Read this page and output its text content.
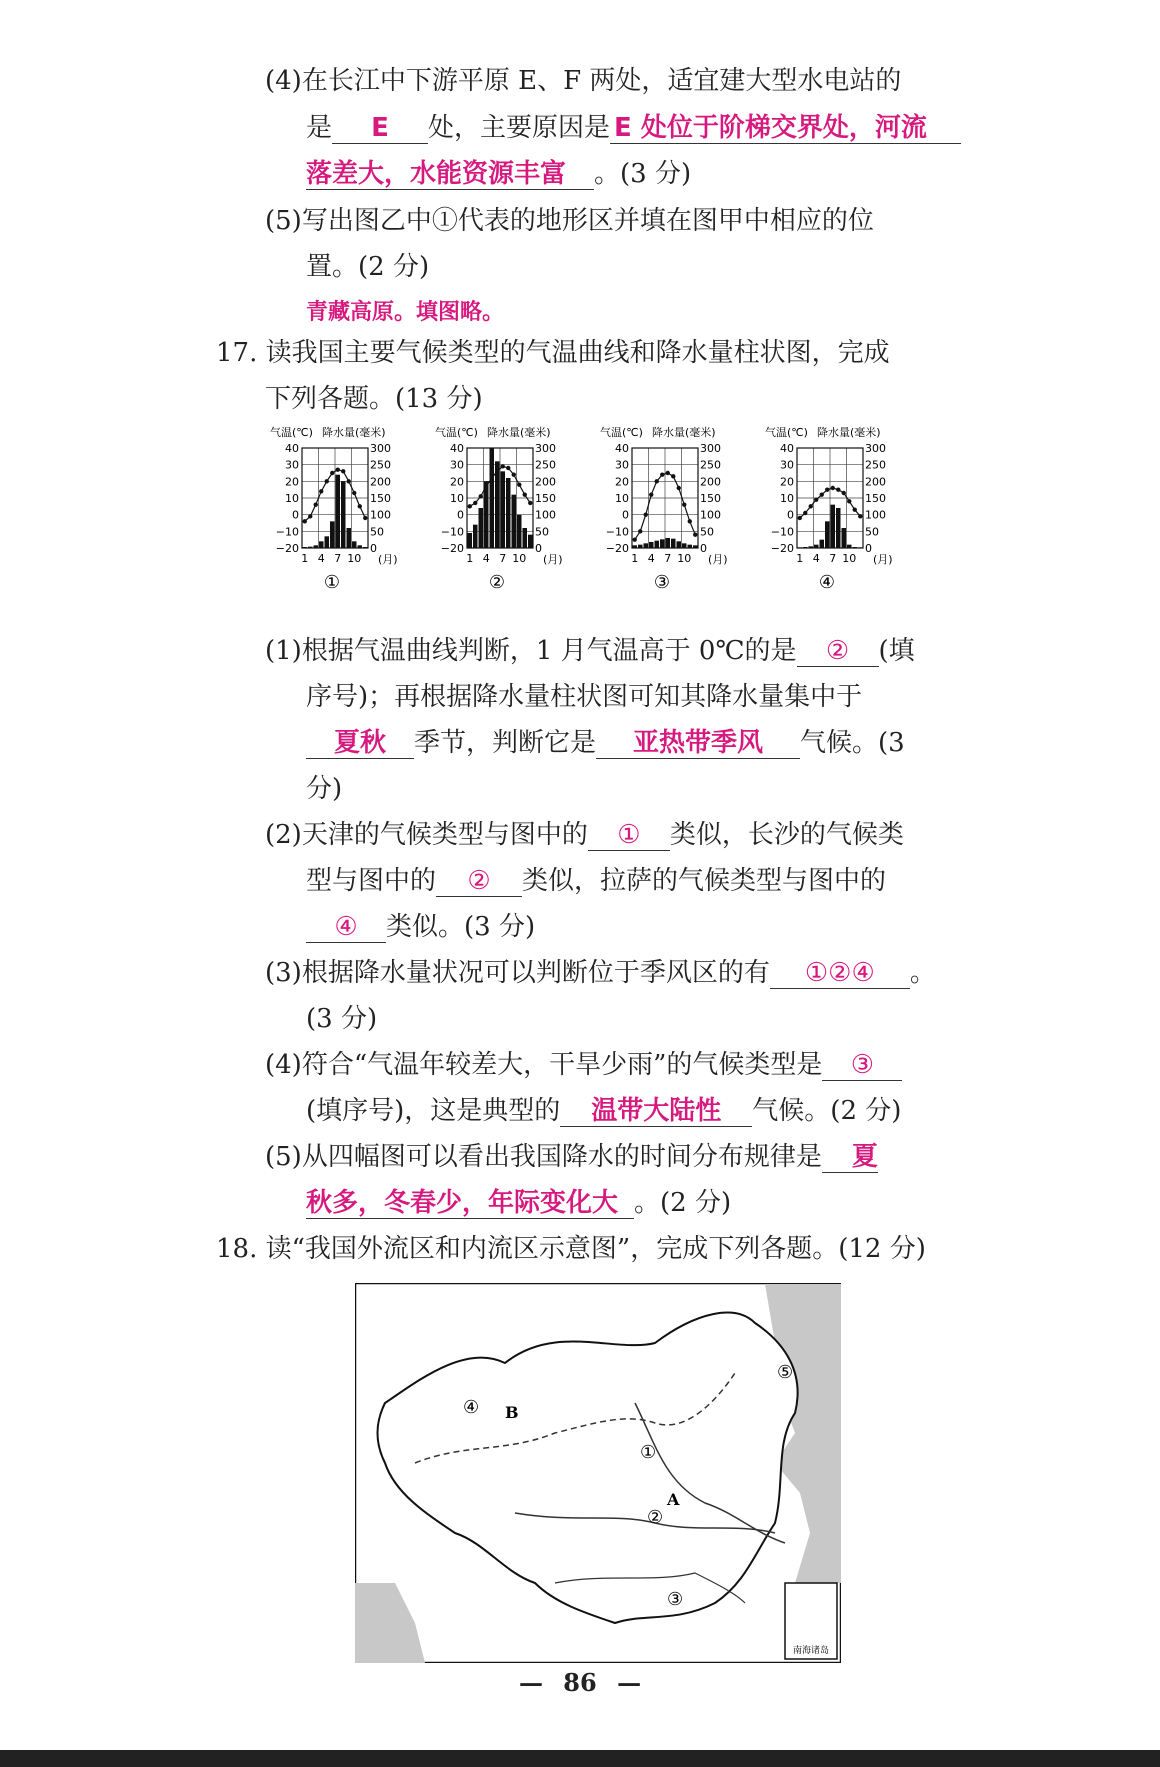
(4)在长江中下游平原 E、F 两处，适宜建大型水电站的
是 E 处，主要原因是 E 处位于阶梯交界处，河流
落差大，水能资源丰富 。(3 分)
(5)写出图乙中①代表的地形区并填在图甲中相应的位
置。(2 分)
青藏高原。填图略。
17. 读我国主要气候类型的气温曲线和降水量柱状图，完成
下列各题。(13 分)
气温(℃) 降水量(毫米)
40
30
20
10
0
−10
−20
300
250
200
150
100
50
0
1 4 7 10 (月)
①
气温(℃) 降水量(毫米)
40
30
20
10
0
−10
−20
300
250
200
150
100
50
0
1 4 7 10 (月)
②
气温(℃) 降水量(毫米)
40
30
20
10
0
−10
−20
300
250
200
150
100
50
0
1 4 7 10 (月)
③
气温(℃) 降水量(毫米)
40
30
20
10
0
−10
−20
300
250
200
150
100
50
0
1 4 7 10 (月)
④
(1)根据气温曲线判断，1 月气温高于 0℃的是 ② (填
序号)；再根据降水量柱状图可知其降水量集中于
夏秋 季节，判断它是 亚热带季风 气候。(3
分)
(2)天津的气候类型与图中的 ① 类似，长沙的气候类
型与图中的 ② 类似，拉萨的气候类型与图中的
④ 类似。(3 分)
(3)根据降水量状况可以判断位于季风区的有 ①②④ 。
(3 分)
(4)符合“气温年较差大，干旱少雨”的气候类型是 ③
(填序号)，这是典型的 温带大陆性 气候。(2 分)
(5)从四幅图可以看出我国降水的时间分布规律是 夏
秋多，冬春少，年际变化大 。(2 分)
18. 读“我国外流区和内流区示意图”，完成下列各题。(12 分)
南海诸岛
④ B
①
A
②
③
⑤
— 86 —
